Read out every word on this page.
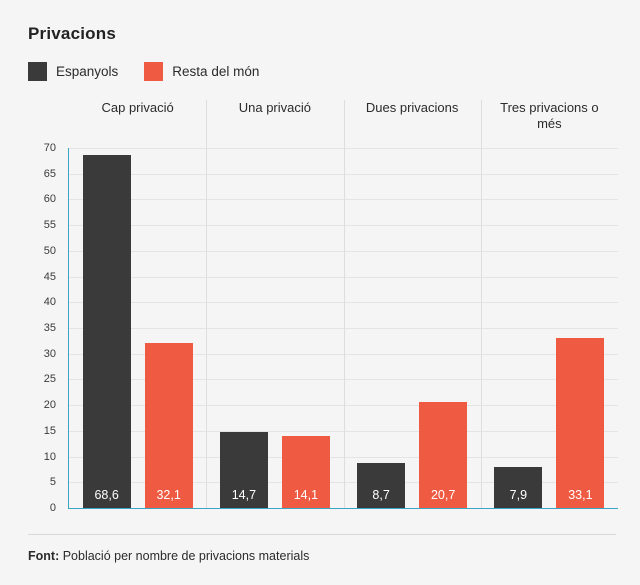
Privacions
Espanyols	Resta del món
70
65
60
55
50
45
40
35
30
25
20
15
10
5
0
Cap privació
68,6	32,1
Una privació
14,7	14,1
Dues privacions
8,7	20,7
Tres privacions o més
7,9	33,1
Font: Població per nombre de privacions materials
